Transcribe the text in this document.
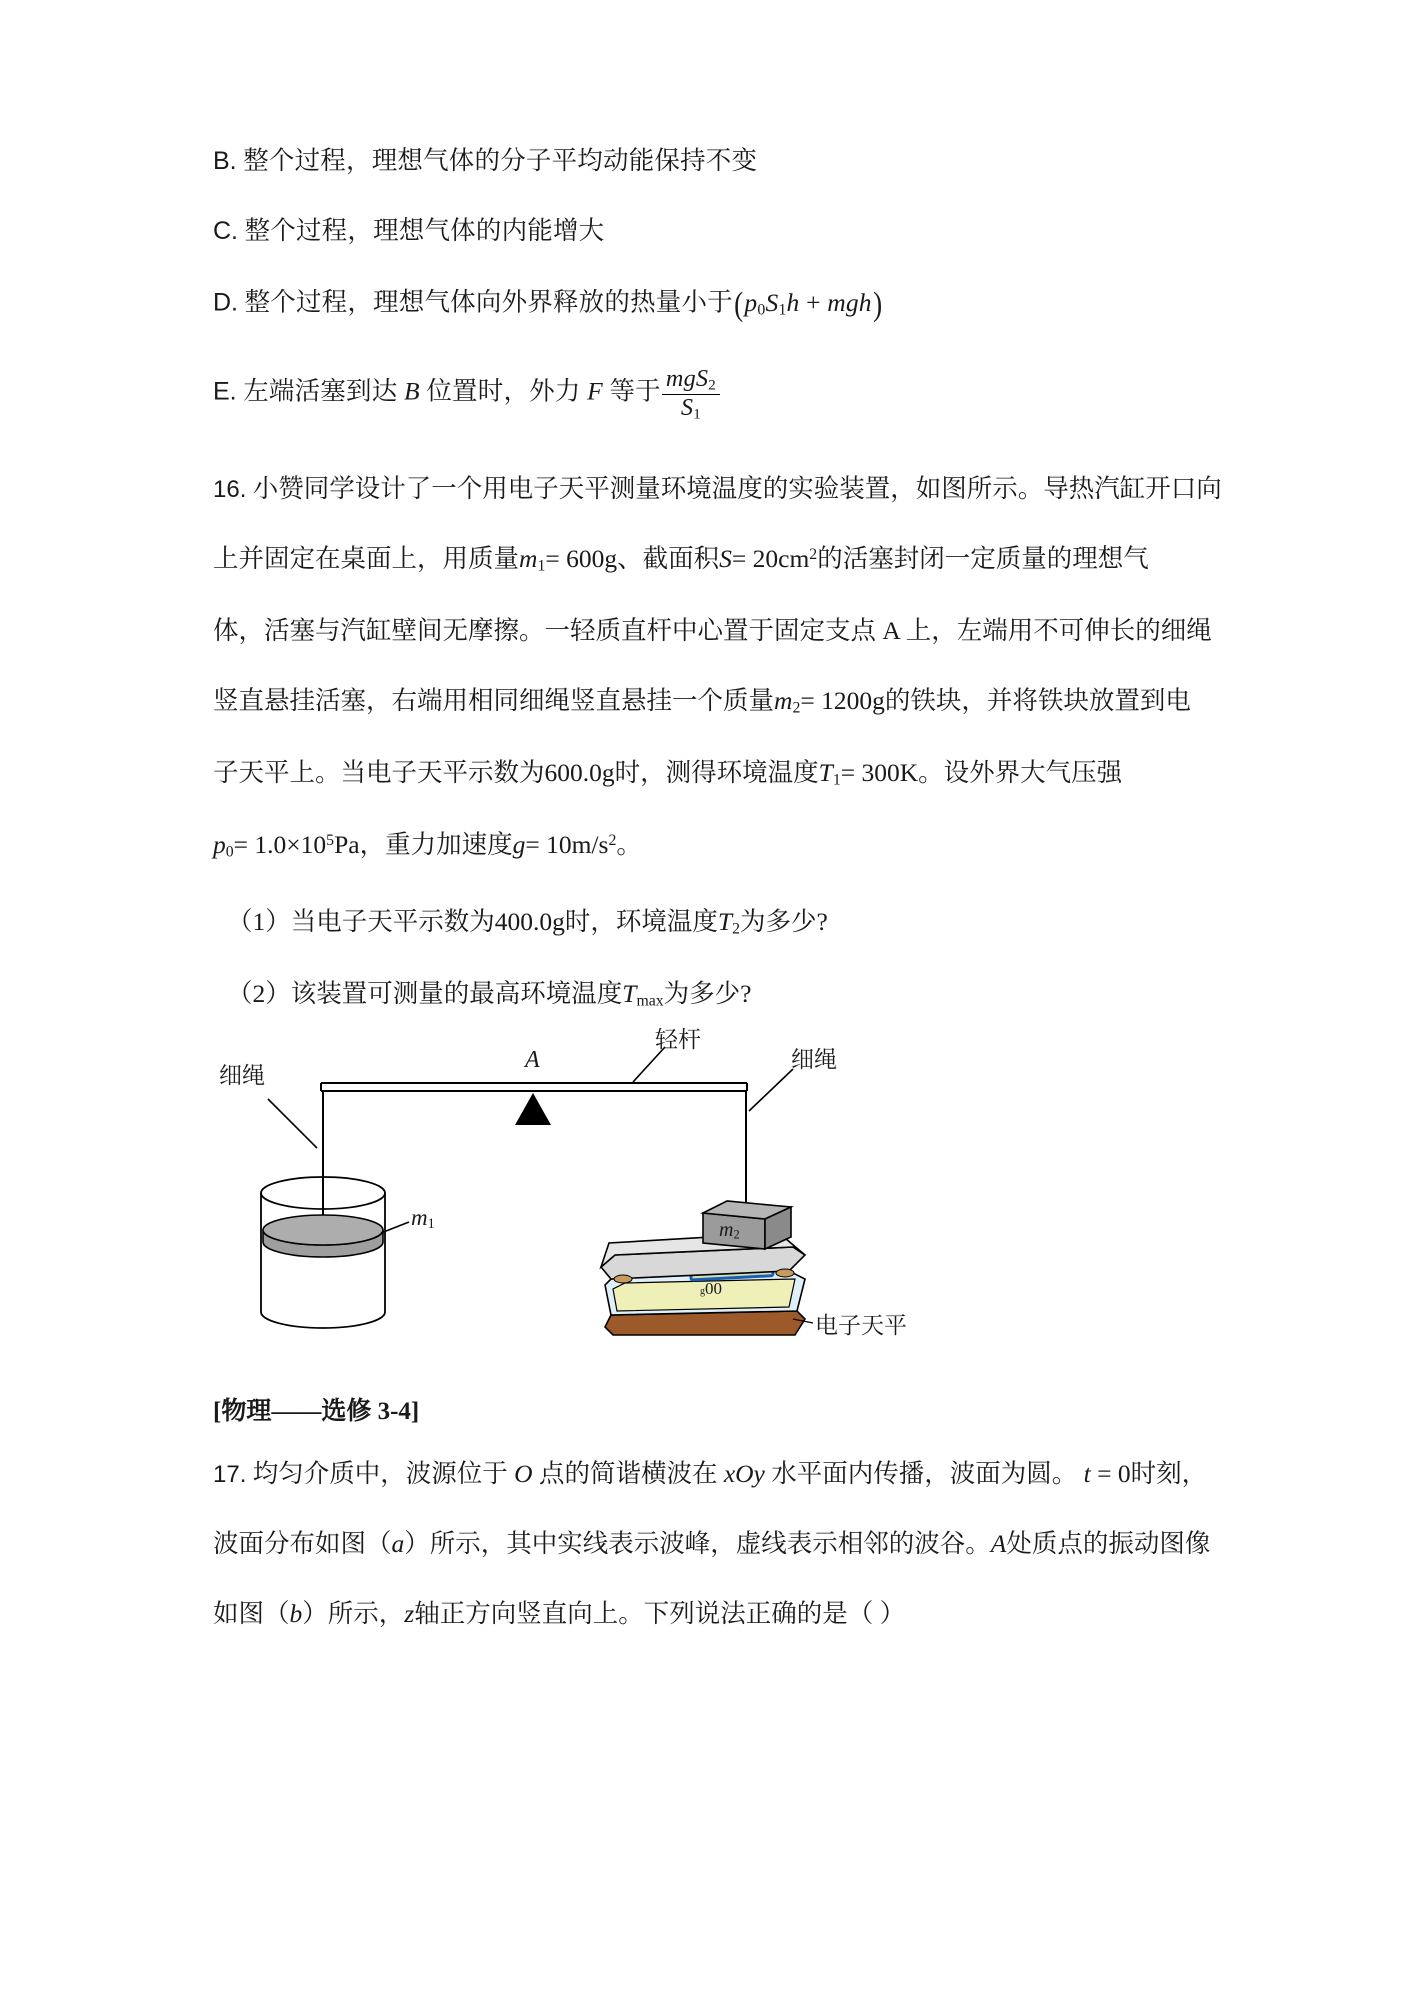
B. 整个过程，理想气体的分子平均动能保持不变
C. 整个过程，理想气体的内能增大
D. 整个过程，理想气体向外界释放的热量小于$(p_0S_1h + mgh)$
E. 左端活塞到达 B 位置时，外力 F 等于 $\frac{mgS_2}{S_1}$
16. 小赞同学设计了一个用电子天平测量环境温度的实验装置，如图所示。导热汽缸开口向
上并固定在桌面上，用质量$m_1= 600g$、截面积$S= 20cm^2$的活塞封闭一定质量的理想气
体，活塞与汽缸壁间无摩擦。一轻质直杆中心置于固定支点 A 上，左端用不可伸长的细绳
竖直悬挂活塞，右端用相同细绳竖直悬挂一个质量$m_2= 1200g$的铁块，并将铁块放置到电
子天平上。当电子天平示数为600.0g时，测得环境温度$T_1= 300K$。设外界大气压强
$p_0= 1.0\times 10^5Pa$，重力加速度$g= 10m/s^2$。
（1）当电子天平示数为400.0g时，环境温度$T_2$为多少?
（2）该装置可测量的最高环境温度$T_{max}$为多少?
细绳
轻杆
A	细绳
$m_1$	$m_2$
电子天平
g00
[物理——选修 3-4]
17. 均匀介质中，波源位于 O 点的简谐横波在 xOy 水平面内传播，波面为圆。 t = 0时刻，
波面分布如图（a）所示，其中实线表示波峰，虚线表示相邻的波谷。A处质点的振动图像
如图（b）所示，z轴正方向竖直向上。下列说法正确的是（ ）
